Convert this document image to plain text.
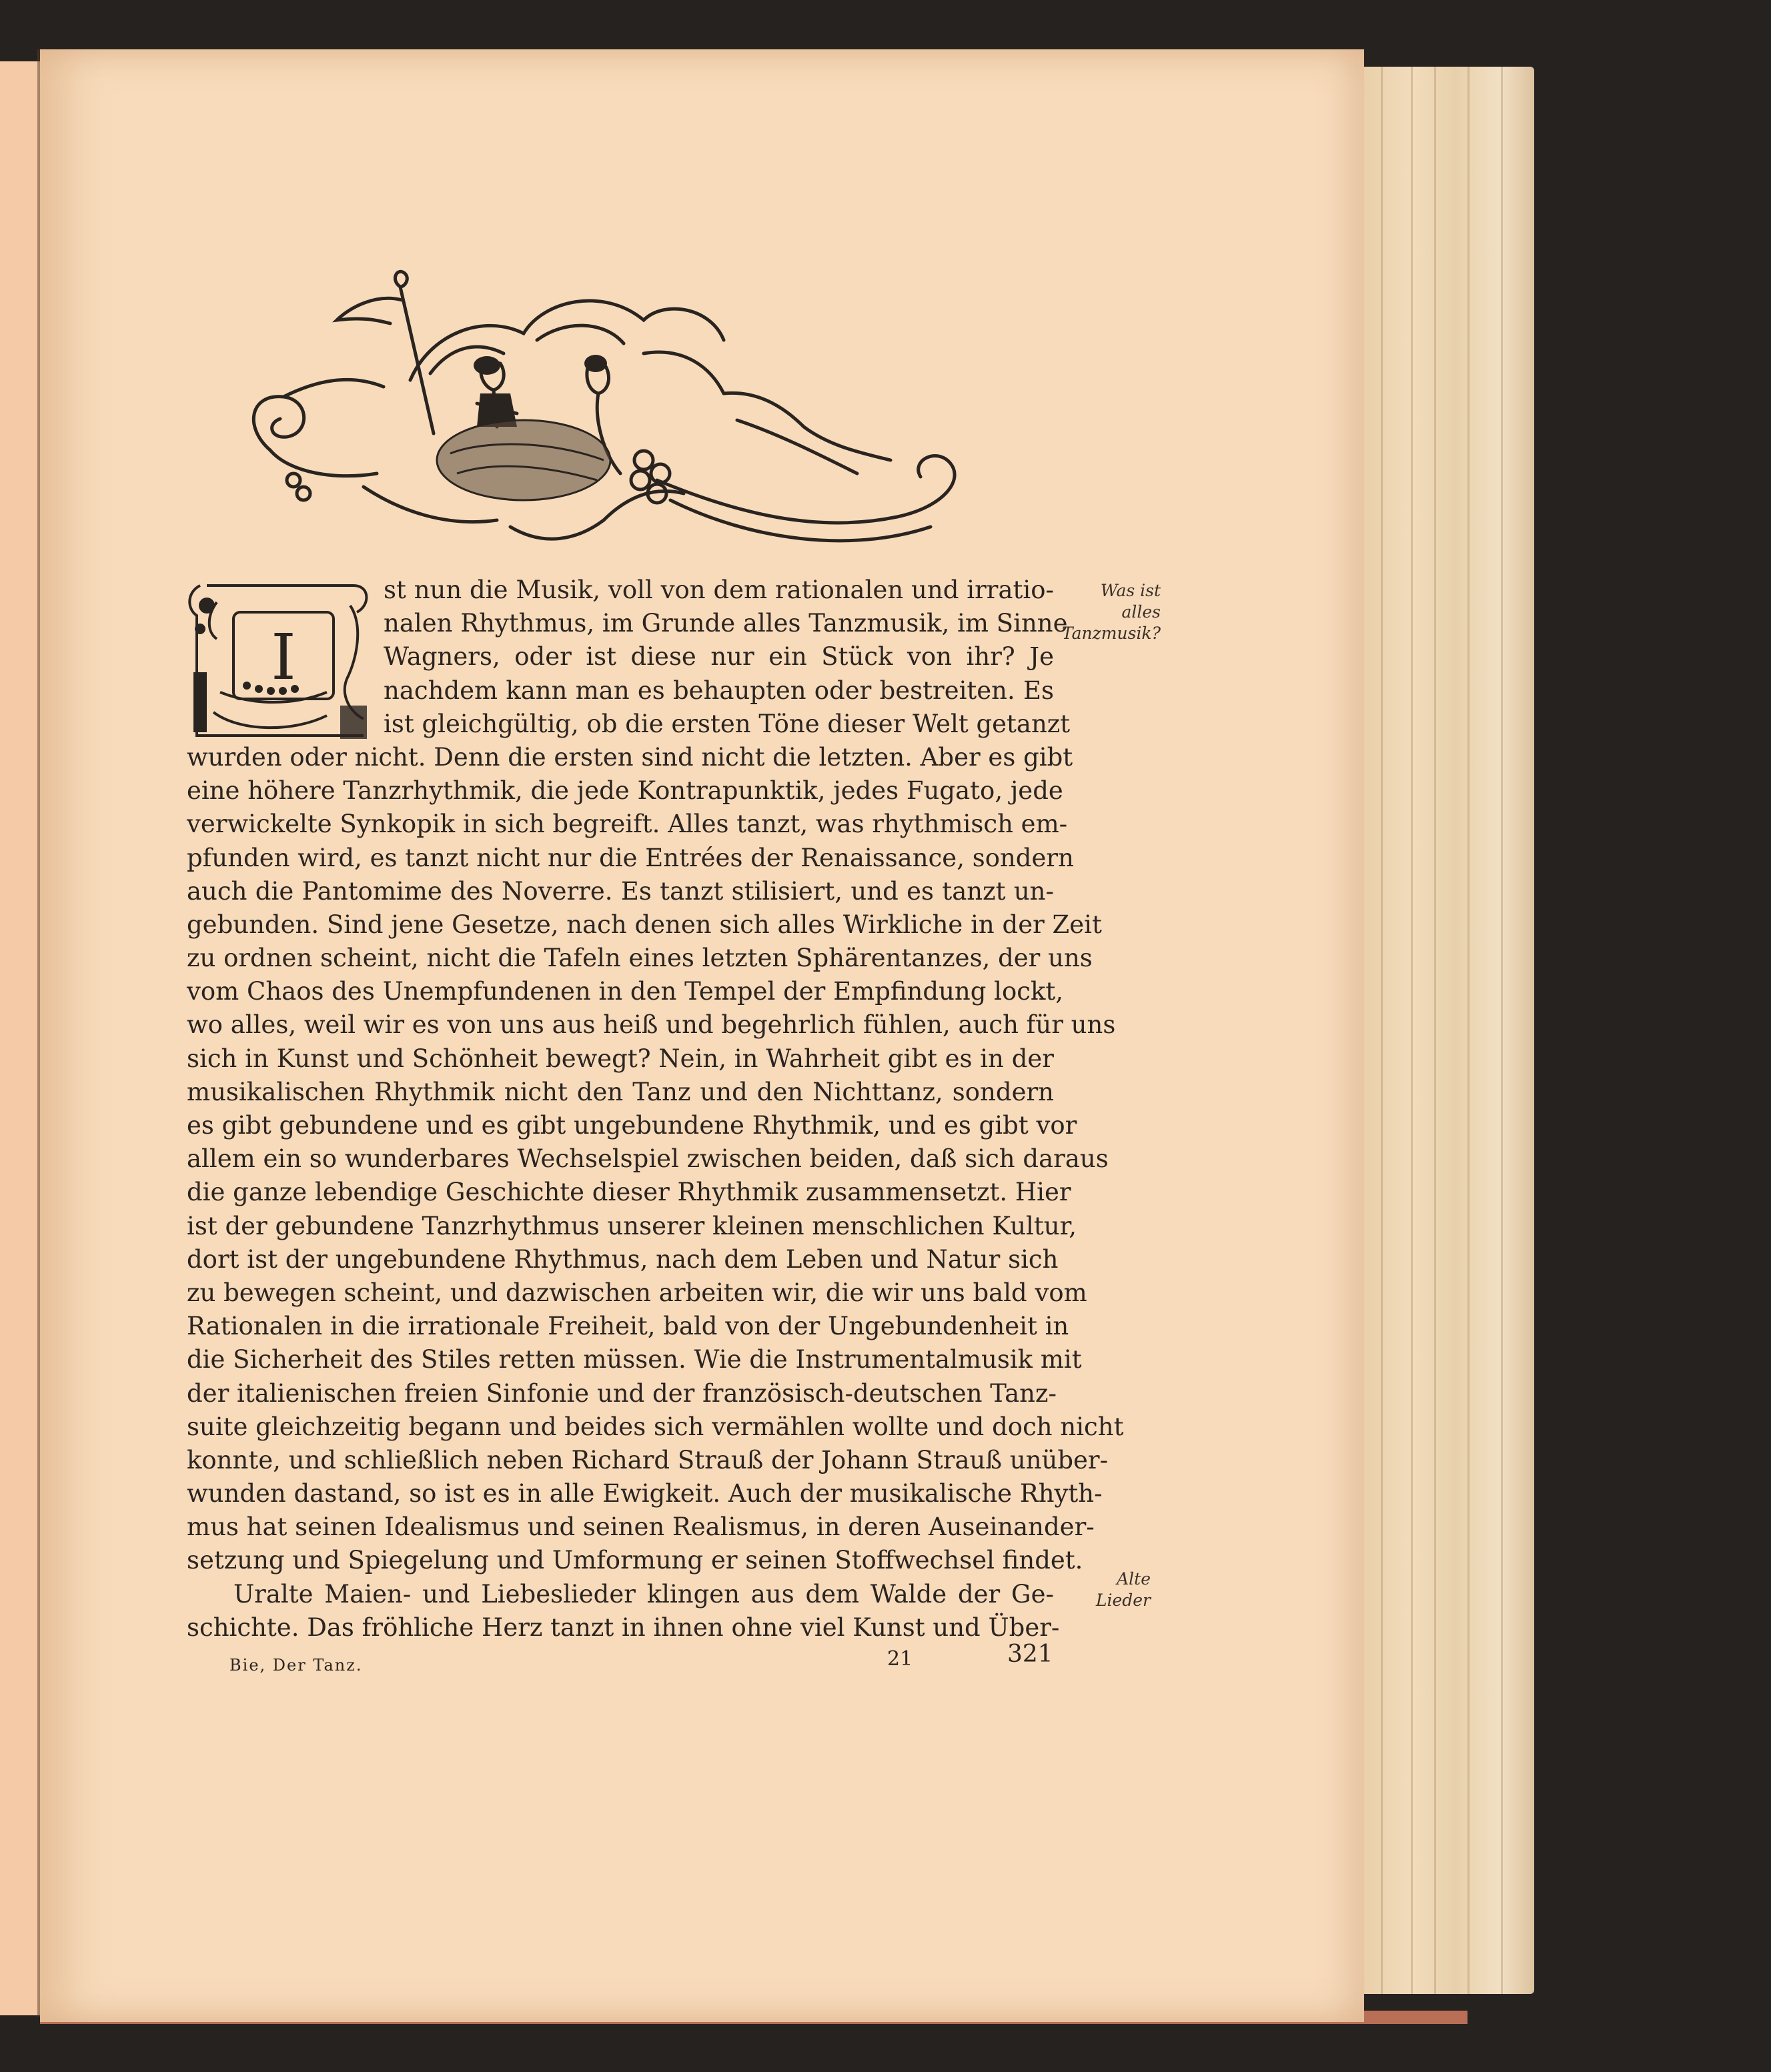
I
st nun die Musik, voll von dem rationalen und irratio-
nalen Rhythmus, im Grunde alles Tanzmusik, im Sinne
Wagners, oder ist diese nur ein Stück von ihr? Je
nachdem kann man es behaupten oder bestreiten. Es
ist gleichgültig, ob die ersten Töne dieser Welt getanzt
wurden oder nicht. Denn die ersten sind nicht die letzten. Aber es gibt
eine höhere Tanzrhythmik, die jede Kontrapunktik, jedes Fugato, jede
verwickelte Synkopik in sich begreift. Alles tanzt, was rhythmisch em-
pfunden wird, es tanzt nicht nur die Entrées der Renaissance, sondern
auch die Pantomime des Noverre. Es tanzt stilisiert, und es tanzt un-
gebunden. Sind jene Gesetze, nach denen sich alles Wirkliche in der Zeit
zu ordnen scheint, nicht die Tafeln eines letzten Sphärentanzes, der uns
vom Chaos des Unempfundenen in den Tempel der Empfindung lockt,
wo alles, weil wir es von uns aus heiß und begehrlich fühlen, auch für uns
sich in Kunst und Schönheit bewegt? Nein, in Wahrheit gibt es in der
musikalischen Rhythmik nicht den Tanz und den Nichttanz, sondern
es gibt gebundene und es gibt ungebundene Rhythmik, und es gibt vor
allem ein so wunderbares Wechselspiel zwischen beiden, daß sich daraus
die ganze lebendige Geschichte dieser Rhythmik zusammensetzt. Hier
ist der gebundene Tanzrhythmus unserer kleinen menschlichen Kultur,
dort ist der ungebundene Rhythmus, nach dem Leben und Natur sich
zu bewegen scheint, und dazwischen arbeiten wir, die wir uns bald vom
Rationalen in die irrationale Freiheit, bald von der Ungebundenheit in
die Sicherheit des Stiles retten müssen. Wie die Instrumentalmusik mit
der italienischen freien Sinfonie und der französisch-deutschen Tanz-
suite gleichzeitig begann und beides sich vermählen wollte und doch nicht
konnte, und schließlich neben Richard Strauß der Johann Strauß unüber-
wunden dastand, so ist es in alle Ewigkeit. Auch der musikalische Rhyth-
mus hat seinen Idealismus und seinen Realismus, in deren Auseinander-
setzung und Spiegelung und Umformung er seinen Stoffwechsel findet.
Uralte Maien- und Liebeslieder klingen aus dem Walde der Ge-
schichte. Das fröhliche Herz tanzt in ihnen ohne viel Kunst und Über-
Was ist alles
Tanzmusik?
Alte Lieder
Bie, Der Tanz.	21	321
